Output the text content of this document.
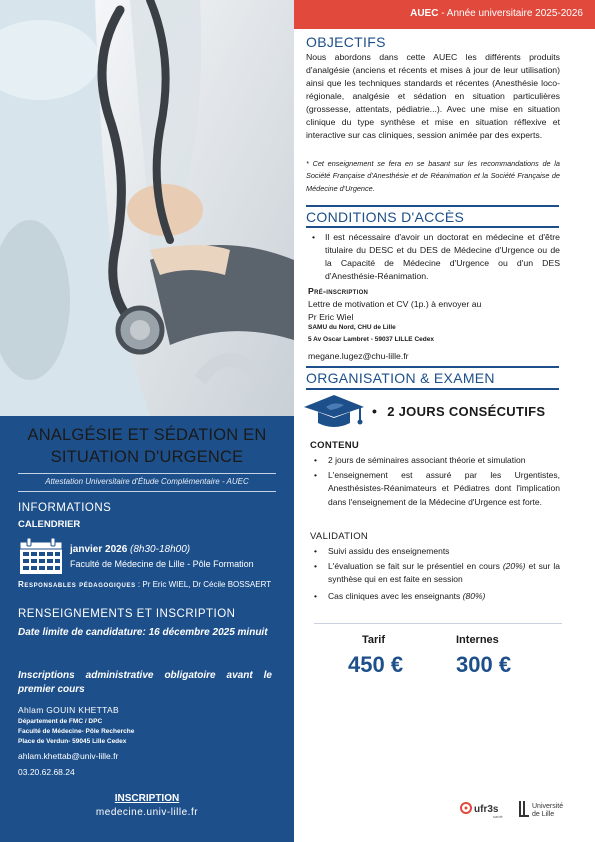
ANALGÉSIE ET SÉDATION EN
SITUATION D'URGENCE
Attestation Universitaire d'Étude Complémentaire - AUEC
INFORMATIONS
CALENDRIER
janvier 2026 (8h30-18h00)
Faculté de Médecine de Lille - Pôle Formation
Responsables pédagogiques : Pr Eric WIEL, Dr Cécile BOSSAERT
RENSEIGNEMENTS ET INSCRIPTION
Date limite de candidature: 16 décembre 2025 minuit
Inscriptions administrative obligatoire avant le premier cours
Ahlam GOUIN KHETTAB
Département de FMC / DPC
Faculté de Médecine- Pôle Recherche
Place de Verdun- 59045 Lille Cedex
ahlam.khettab@univ-lille.fr
03.20.62.68.24
INSCRIPTION
medecine.univ-lille.fr
AUEC - Année universitaire 2025-2026
OBJECTIFS
Nous abordons dans cette AUEC les différents produits d'analgésie (anciens et récents et mises à jour de leur utilisation) ainsi que les techniques standards et récentes (Anesthésie loco-régionale, analgésie et sédation en situation particulières (grossesse, attentats, pédiatrie...). Avec une mise en situation clinique du type synthèse et mise en situation réflexive et interactive sur cas cliniques, session animée par des experts.
* Cet enseignement se fera en se basant sur les recommandations de la Société Française d'Anesthésie et de Réanimation et la Société Française de Médecine d'Urgence.
CONDITIONS D'ACCÈS
• Il est nécessaire d'avoir un doctorat en médecine et d'être titulaire du DESC et du DES de Médecine d'Urgence ou de la Capacité de Médecine d'Urgence ou d'un DES d'Anesthésie-Réanimation.
Pré-inscription
Lettre de motivation et CV (1p.) à envoyer au
Pr Eric Wiel
SAMU du Nord, CHU de Lille
5 Av Oscar Lambret - 59037 LILLE Cedex
megane.lugez@chu-lille.fr
ORGANISATION & EXAMEN
• 2 JOURS CONSÉCUTIFS
CONTENU
• 2 jours de séminaires associant théorie et simulation
• L'enseignement est assuré par les Urgentistes, Anesthésistes-Réanimateurs et Pédiatres dont l'implication dans l'enseignement de la Médecine d'Urgence est forte.
VALIDATION
• Suivi assidu des enseignements
• L'évaluation se fait sur le présentiel en cours (20%) et sur la synthèse qui en est faite en session
• Cas cliniques avec les enseignants (80%)
Tarif
450 €
Internes
300 €
ufr3s
santé
Université
de Lille
